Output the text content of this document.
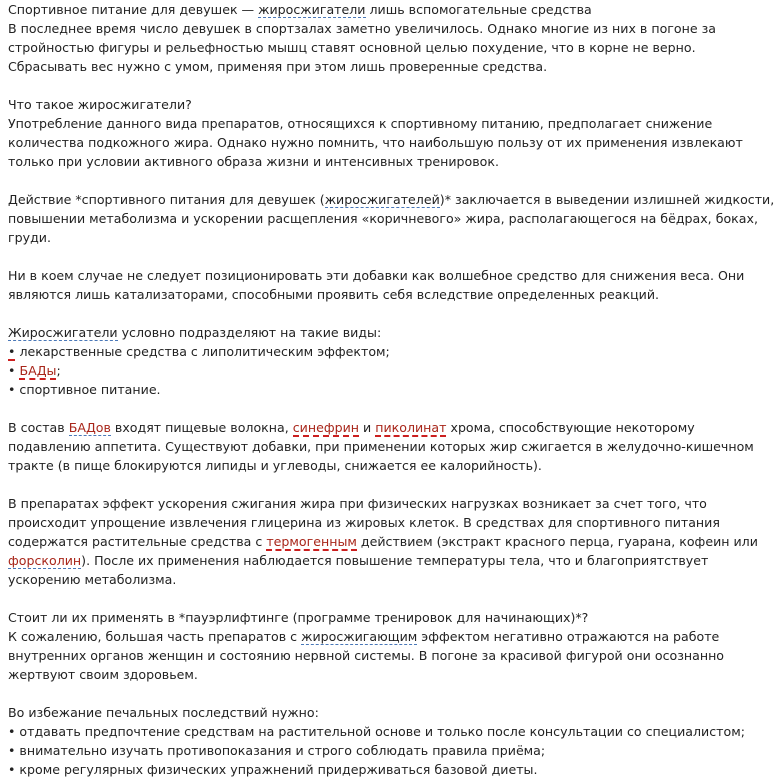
Спортивное питание для девушек — жиросжигатели лишь вспомогательные средства

В последнее время число девушек в спортзалах заметно увеличилось. Однако многие из них в погоне за стройностью фигуры и рельефностью мышц ставят основной целью похудение, что в корне не верно. Сбрасывать вес нужно с умом, применяя при этом лишь проверенные средства.

Что такое жиросжигатели?

Употребление данного вида препаратов, относящихся к спортивному питанию, предполагает снижение количества подкожного жира. Однако нужно помнить, что наибольшую пользу от их применения извлекают только при условии активного образа жизни и интенсивных тренировок.

Действие *спортивного питания для девушек (жиросжигателей)* заключается в выведении излишней жидкости, повышении метаболизма и ускорении расщепления «коричневого» жира, располагающегося на бёдрах, боках, груди.

Ни в коем случае не следует позиционировать эти добавки как волшебное средство для снижения веса. Они являются лишь катализаторами, способными проявить себя вследствие определенных реакций.

Жиросжигатели условно подразделяют на такие виды:
• лекарственные средства с липолитическим эффектом;
• БАДы;
• спортивное питание.

В состав БАДов входят пищевые волокна, синефрин и пиколинат хрома, способствующие некоторому подавлению аппетита. Существуют добавки, при применении которых жир сжигается в желудочно-кишечном тракте (в пище блокируются липиды и углеводы, снижается ее калорийность).

В препаратах эффект ускорения сжигания жира при физических нагрузках возникает за счет того, что происходит упрощение извлечения глицерина из жировых клеток. В средствах для спортивного питания содержатся растительные средства с термогенным действием (экстракт красного перца, гуарана, кофеин или форсколин). После их применения наблюдается повышение температуры тела, что и благоприятствует ускорению метаболизма.

Стоит ли их применять в *пауэрлифтинге (программе тренировок для начинающих)*?

К сожалению, большая часть препаратов с жиросжигающим эффектом негативно отражаются на работе внутренних органов женщин и состоянию нервной системы. В погоне за красивой фигурой они осознанно жертвуют своим здоровьем.

Во избежание печальных последствий нужно:
• отдавать предпочтение средствам на растительной основе и только после консультации со специалистом;
• внимательно изучать противопоказания и строго соблюдать правила приёма;
• кроме регулярных физических упражнений придерживаться базовой диеты.
